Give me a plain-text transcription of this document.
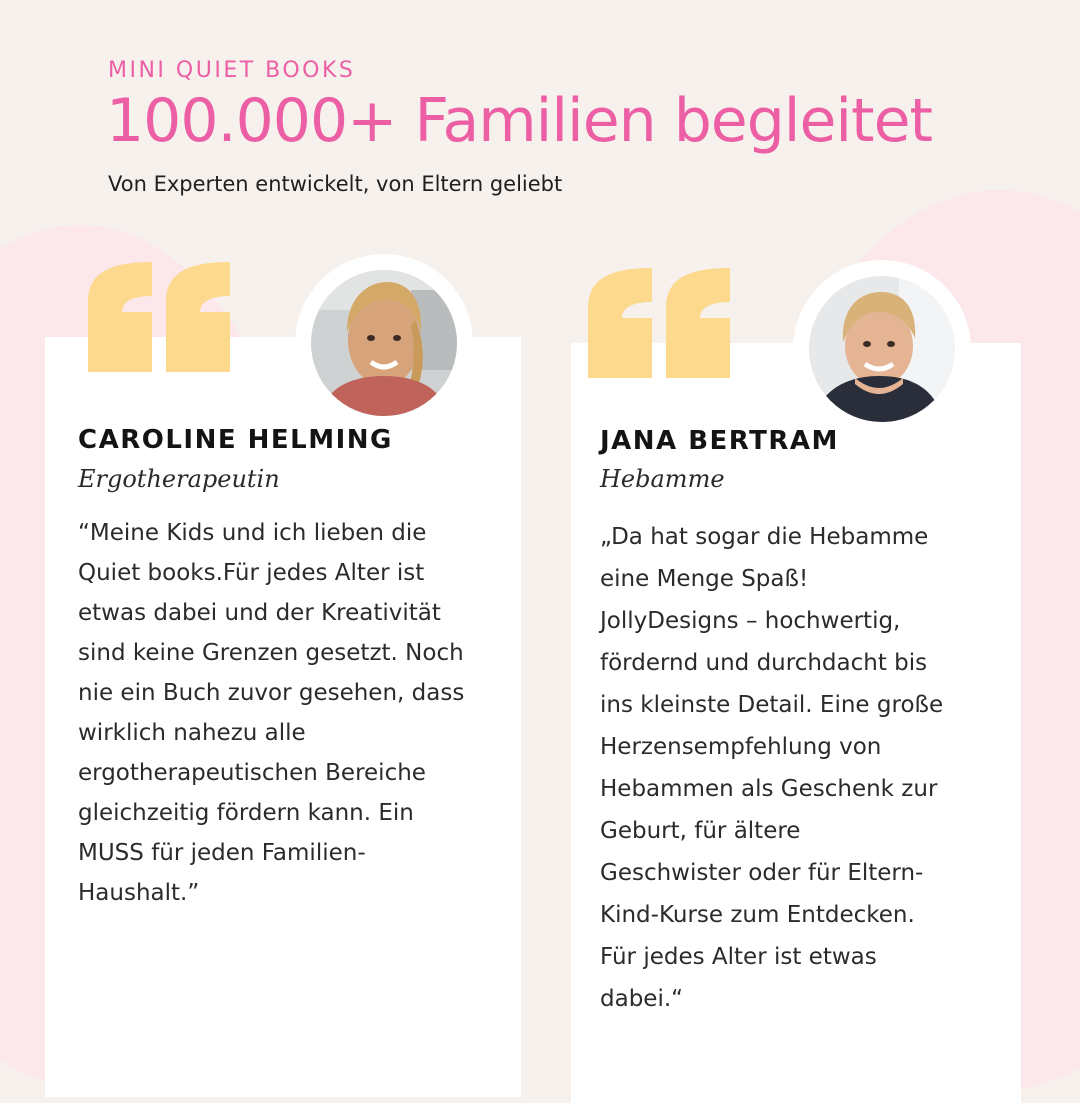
MINI QUIET BOOKS
100.000+ Familien begleitet
Von Experten entwickelt, von Eltern geliebt
CAROLINE HELMING
Ergotherapeutin

“Meine Kids und ich lieben die
Quiet books.Für jedes Alter ist
etwas dabei und der Kreativität
sind keine Grenzen gesetzt. Noch
nie ein Buch zuvor gesehen, dass
wirklich nahezu alle
ergotherapeutischen Bereiche
gleichzeitig fördern kann. Ein
MUSS für jeden Familien-
Haushalt.”

JANA BERTRAM
Hebamme

„Da hat sogar die Hebamme
eine Menge Spaß!
JollyDesigns – hochwertig,
fördernd und durchdacht bis
ins kleinste Detail. Eine große
Herzensempfehlung von
Hebammen als Geschenk zur
Geburt, für ältere
Geschwister oder für Eltern-
Kind-Kurse zum Entdecken.
Für jedes Alter ist etwas
dabei.“
